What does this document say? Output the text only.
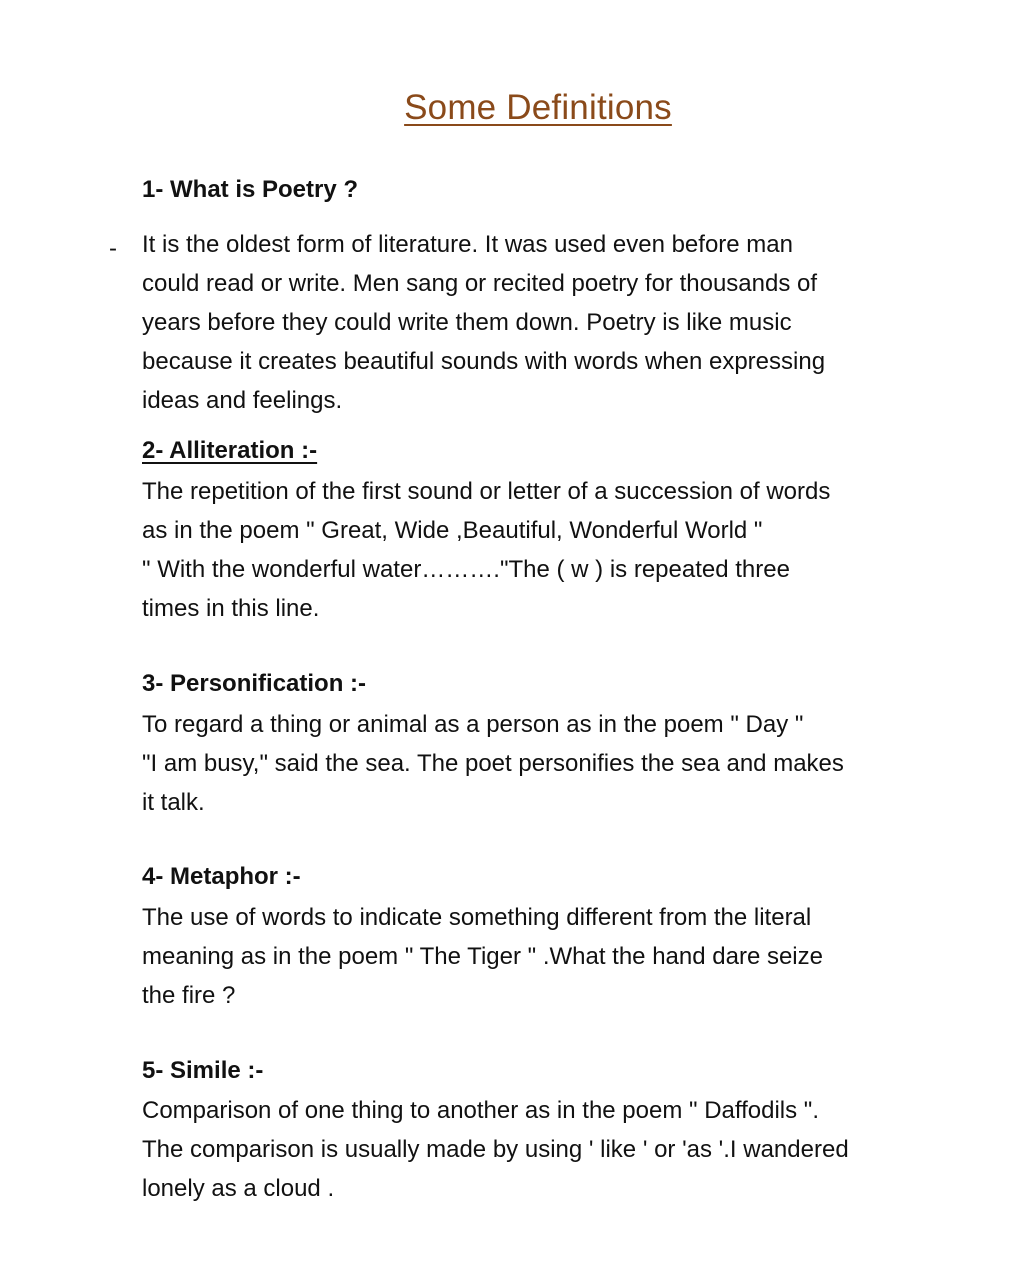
Some Definitions
1- What is Poetry ?
- It is the oldest form of literature. It was used even before man
could read or write. Men sang or recited poetry for thousands of
years before they could write them down. Poetry is like music
because it creates beautiful sounds with words when expressing
ideas and feelings.

2- Alliteration :-

The repetition of the first sound or letter of a succession of words
as in the poem " Great, Wide ,Beautiful, Wonderful World "
" With the wonderful water………."The ( w ) is repeated three
times in this line.

3- Personification :-

To regard a thing or animal as a person as in the poem " Day "
"I am busy," said the sea. The poet personifies the sea and makes
it talk.

4- Metaphor :-

The use of words to indicate something different from the literal
meaning as in the poem " The Tiger " .What the hand dare seize
the fire ?

5- Simile :-

Comparison of one thing to another as in the poem " Daffodils ".
The comparison is usually made by using ' like ' or 'as '.I wandered
lonely as a cloud .
